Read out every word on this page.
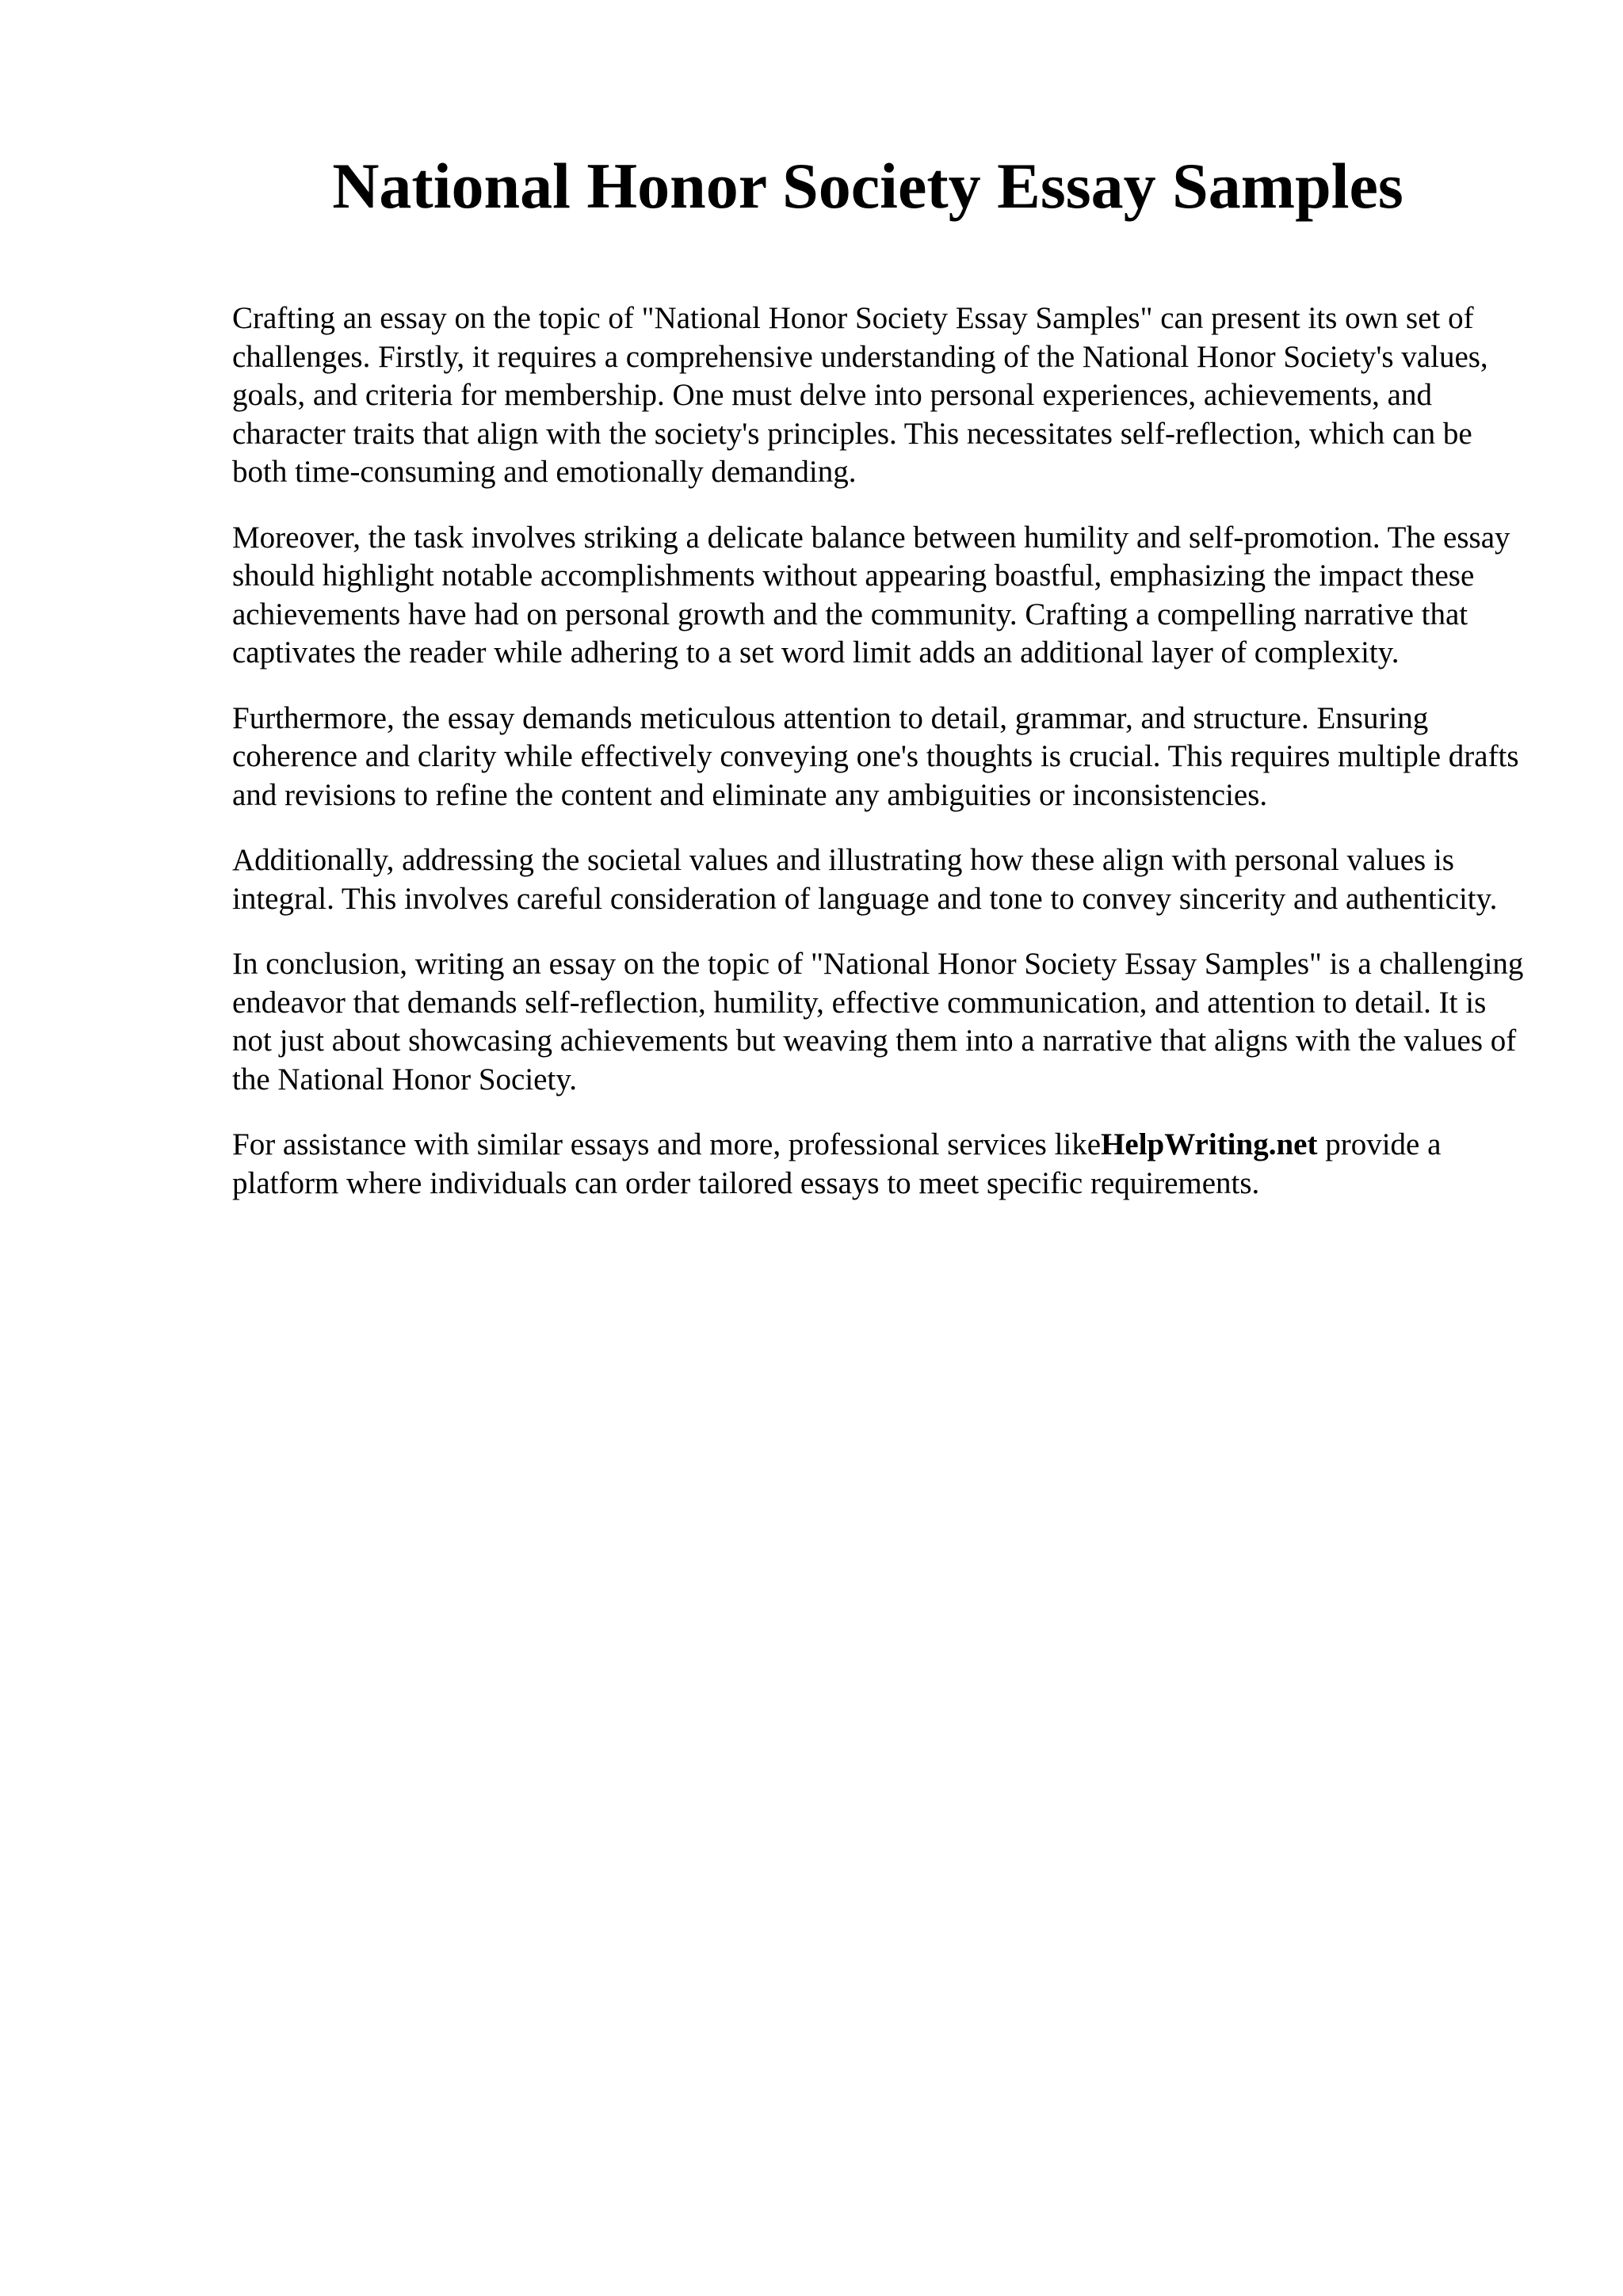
National Honor Society Essay Samples

Crafting an essay on the topic of "National Honor Society Essay Samples" can present its own set of challenges. Firstly, it requires a comprehensive understanding of the National Honor Society's values, goals, and criteria for membership. One must delve into personal experiences, achievements, and character traits that align with the society's principles. This necessitates self-reflection, which can be both time-consuming and emotionally demanding.

Moreover, the task involves striking a delicate balance between humility and self-promotion. The essay should highlight notable accomplishments without appearing boastful, emphasizing the impact these achievements have had on personal growth and the community. Crafting a compelling narrative that captivates the reader while adhering to a set word limit adds an additional layer of complexity.

Furthermore, the essay demands meticulous attention to detail, grammar, and structure. Ensuring coherence and clarity while effectively conveying one's thoughts is crucial. This requires multiple drafts and revisions to refine the content and eliminate any ambiguities or inconsistencies.

Additionally, addressing the societal values and illustrating how these align with personal values is integral. This involves careful consideration of language and tone to convey sincerity and authenticity.

In conclusion, writing an essay on the topic of "National Honor Society Essay Samples" is a challenging endeavor that demands self-reflection, humility, effective communication, and attention to detail. It is not just about showcasing achievements but weaving them into a narrative that aligns with the values of the National Honor Society.

For assistance with similar essays and more, professional services likeHelpWriting.net provide a platform where individuals can order tailored essays to meet specific requirements.
